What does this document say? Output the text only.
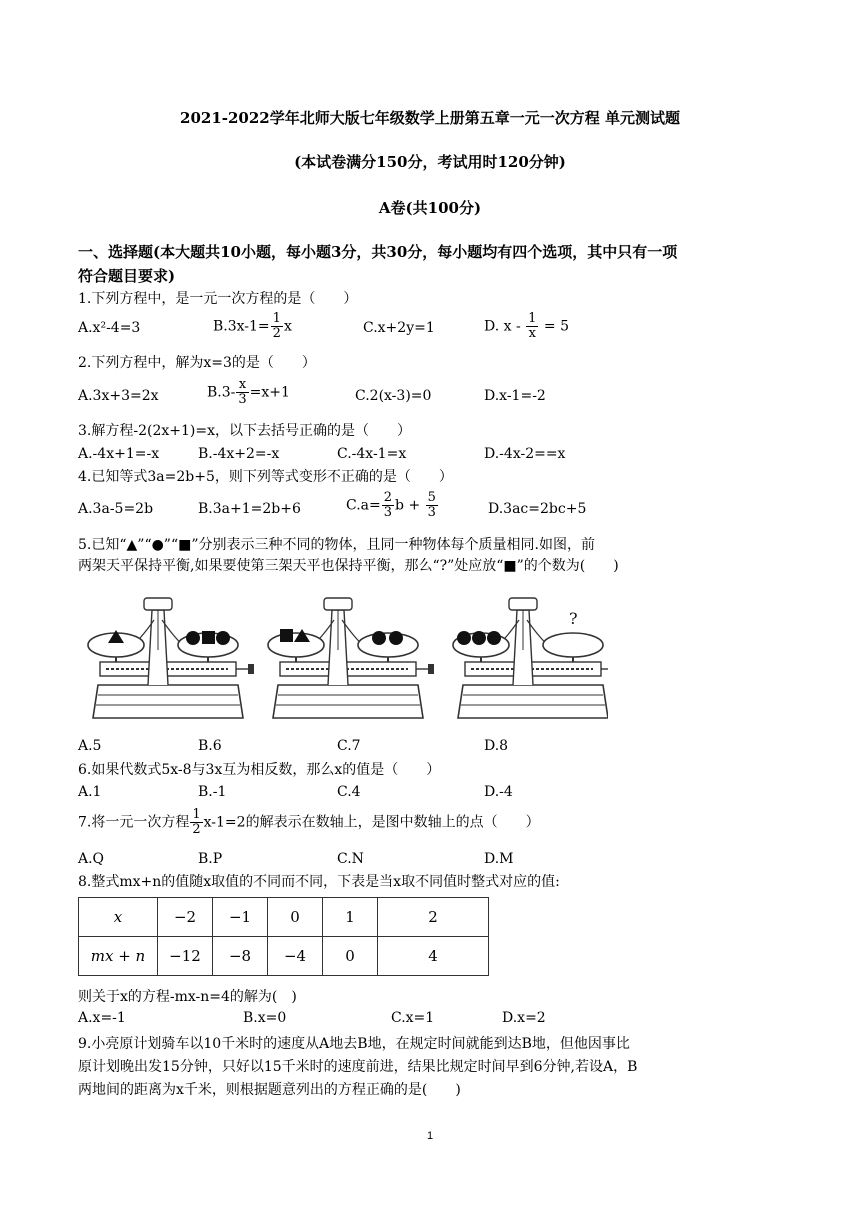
2021-2022学年北师大版七年级数学上册第五章一元一次方程 单元测试题
(本试卷满分150分，考试用时120分钟)
A卷(共100分)
一、选择题(本大题共10小题，每小题3分，共30分，每小题均有四个选项，其中只有一项
符合题目要求)
1.下列方程中，是一元一次方程的是（　　）
A.x²-4=3	$B.3x-1= \frac{1}{2}$ x	C.x+2y=1	D. $x - \frac{1}{x} = 5$
2.下列方程中，解为x=3的是（　　）
A.3x+3=2x	$B.3- \frac{x}{3} =x+1$	C.2(x-3)=0	D.x-1=-2
3.解方程-2(2x+1)=x，以下去括号正确的是（　　）
A.-4x+1=-x	B.-4x+2=-x	C.-4x-1=x	D.-4x-2==x
4.已知等式3a=2b+5，则下列等式变形不正确的是（　　）
A.3a-5=2b	B.3a+1=2b+6	$C.a= \frac{2}{3}$ $b + \frac{5}{3}$	D.3ac=2bc+5
5.已知“▲”“●”“■”分别表示三种不同的物体，且同一种物体每个质量相同.如图，前
两架天平保持平衡,如果要使第三架天平也保持平衡，那么“?”处应放“■”的个数为(　　)
?
A.5	B.6	C.7	D.8
6.如果代数式5x-8与3x互为相反数，那么x的值是（　　）
A.1	B.-1	C.4	D.-4
7.将一元一次方程 $\frac{1}{2} x-1=2$的解表示在数轴上，是图中数轴上的点（　　）
A.Q	B.P	C.N	D.M
8.整式mx+n的值随x取值的不同而不同，下表是当x取不同值时整式对应的值:
x	−2	−1	0	1	2
mx + n	−12	−8	−4	0	4
则关于x的方程-mx-n=4的解为(　)
A.x=-1	B.x=0	C.x=1	D.x=2
9.小亮原计划骑车以10千米时的速度从A地去B地，在规定时间就能到达B地，但他因事比
原计划晚出发15分钟，只好以15千米时的速度前进，结果比规定时间早到6分钟,若设A，B
两地间的距离为x千米，则根据题意列出的方程正确的是(　　)
1
